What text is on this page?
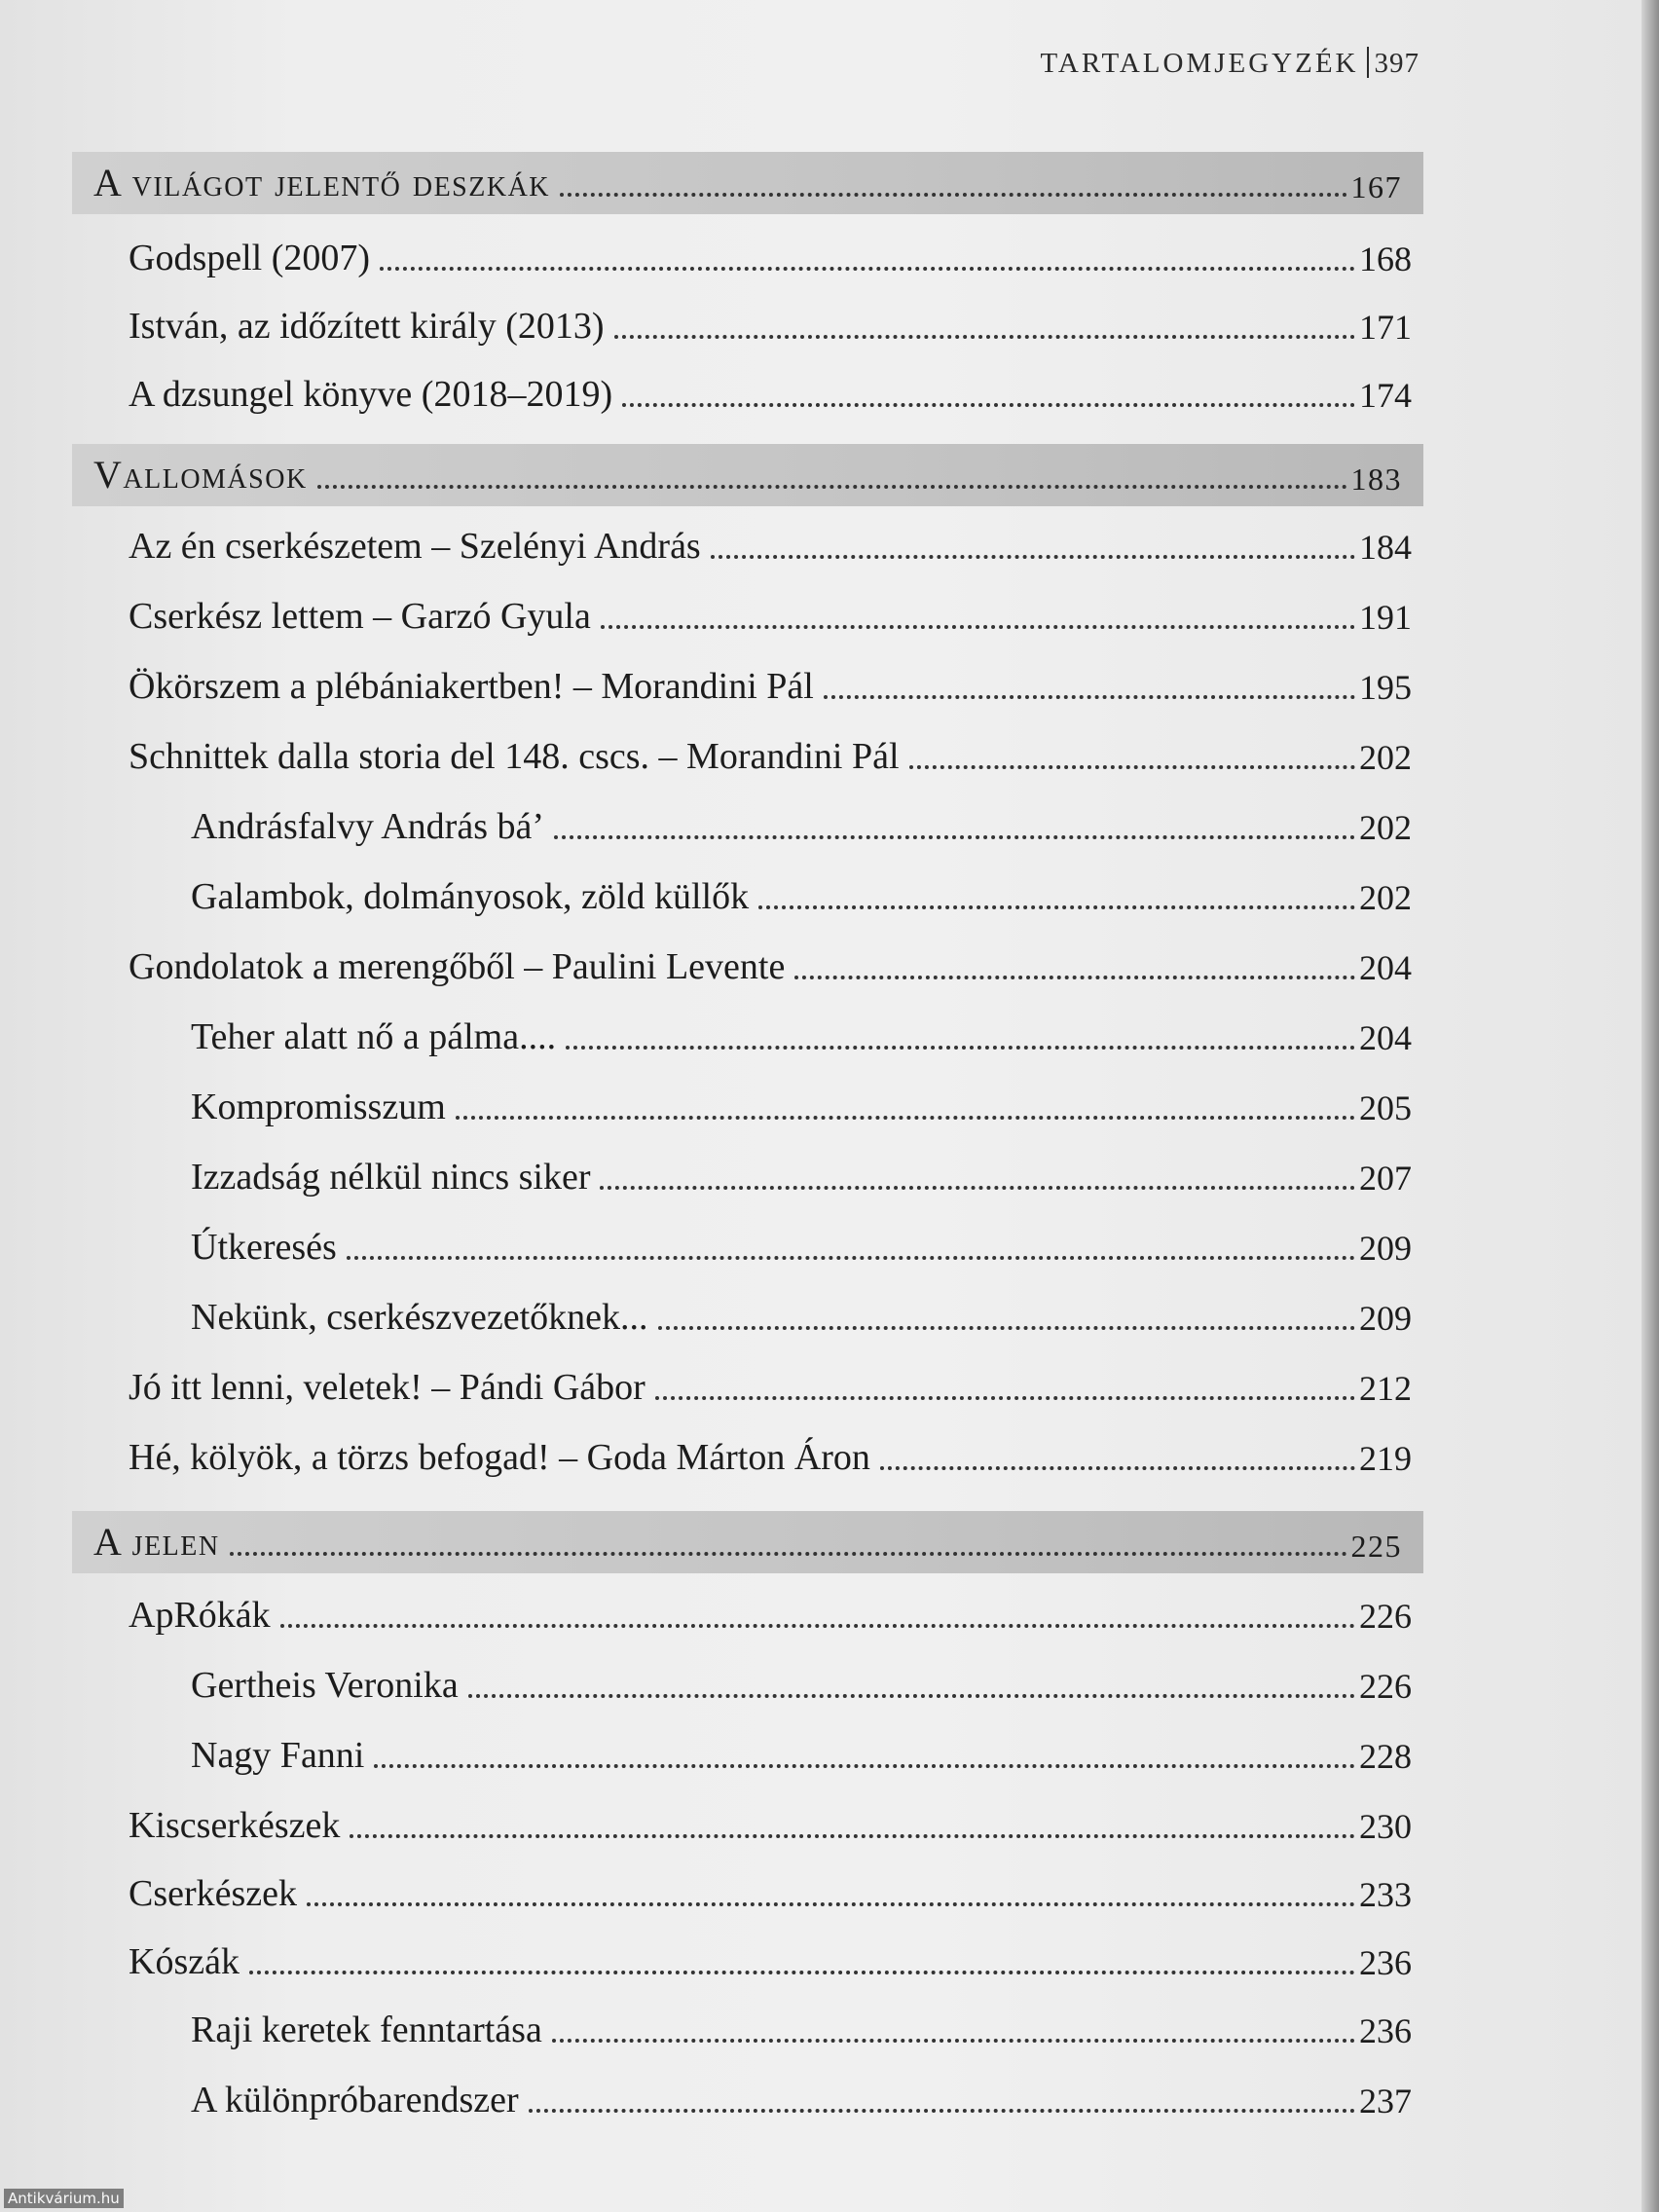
TARTALOMJEGYZÉK 397
A világot jelentő deszkák	167
Godspell (2007)	168
István, az időzített király (2013)	171
A dzsungel könyve (2018–2019)	174
Vallomások	183
Az én cserkészetem – Szelényi András	184
Cserkész lettem – Garzó Gyula	191
Ökörszem a plébániakertben! – Morandini Pál	195
Schnittek dalla storia del 148. cscs. – Morandini Pál	202
Andrásfalvy András bá’	202
Galambok, dolmányosok, zöld küllők	202
Gondolatok a merengőből – Paulini Levente	204
Teher alatt nő a pálma....	204
Kompromisszum	205
Izzadság nélkül nincs siker	207
Útkeresés	209
Nekünk, cserkészvezetőknek...	209
Jó itt lenni, veletek! – Pándi Gábor	212
Hé, kölyök, a törzs befogad! – Goda Márton Áron	219
A jelen	225
ApRókák	226
Gertheis Veronika	226
Nagy Fanni	228
Kiscserkészek	230
Cserkészek	233
Kószák	236
Raji keretek fenntartása	236
A különpróbarendszer	237
Antikvárium.hu
